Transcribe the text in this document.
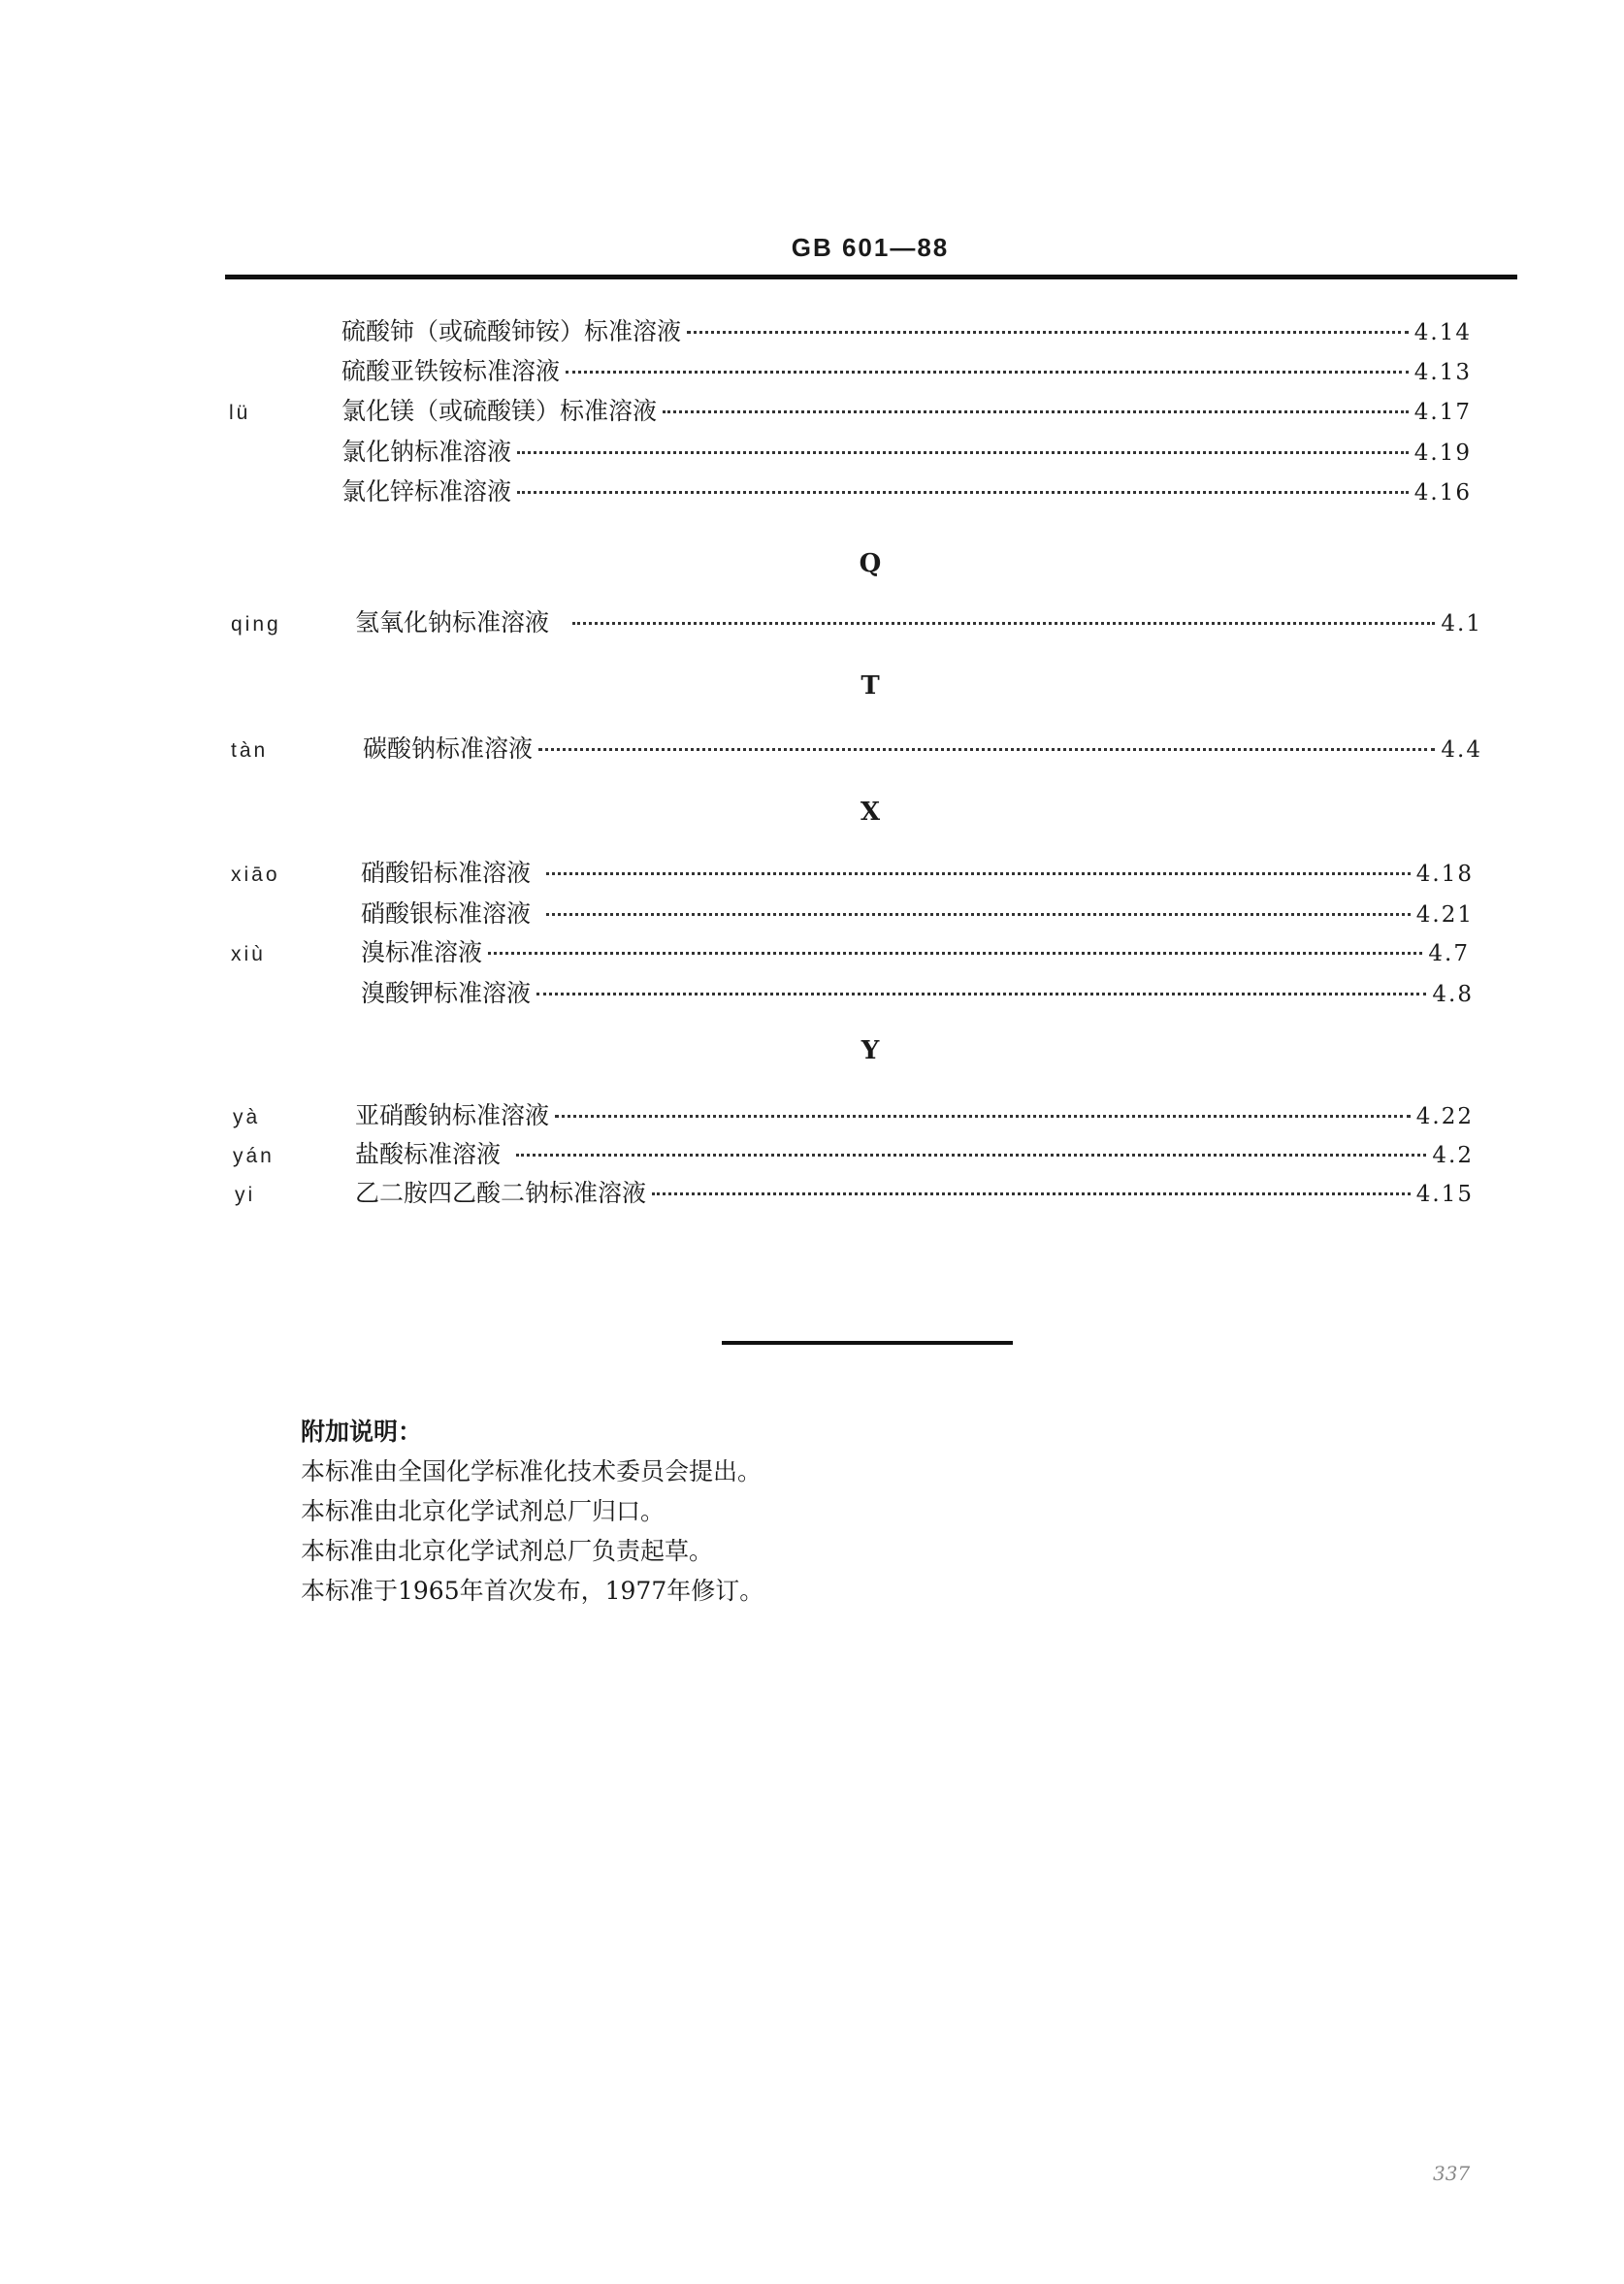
GB 601—88
硫酸铈（或硫酸铈铵）标准溶液	4.14
硫酸亚铁铵标准溶液	4.13
lü	氯化镁（或硫酸镁）标准溶液	4.17
氯化钠标准溶液	4.19
氯化锌标准溶液	4.16
Q
qing	氢氧化钠标准溶液	4.1
T
tàn	碳酸钠标准溶液	4.4
X
xiāo	硝酸铅标准溶液	4.18
硝酸银标准溶液	4.21
xiù	溴标准溶液	4.7
溴酸钾标准溶液	4.8
Y
yà	亚硝酸钠标准溶液	4.22
yán	盐酸标准溶液	4.2
yi	乙二胺四乙酸二钠标准溶液	4.15
附加说明：
本标准由全国化学标准化技术委员会提出。
本标准由北京化学试剂总厂归口。
本标准由北京化学试剂总厂负责起草。
本标准于1965年首次发布，1977年修订。
337
